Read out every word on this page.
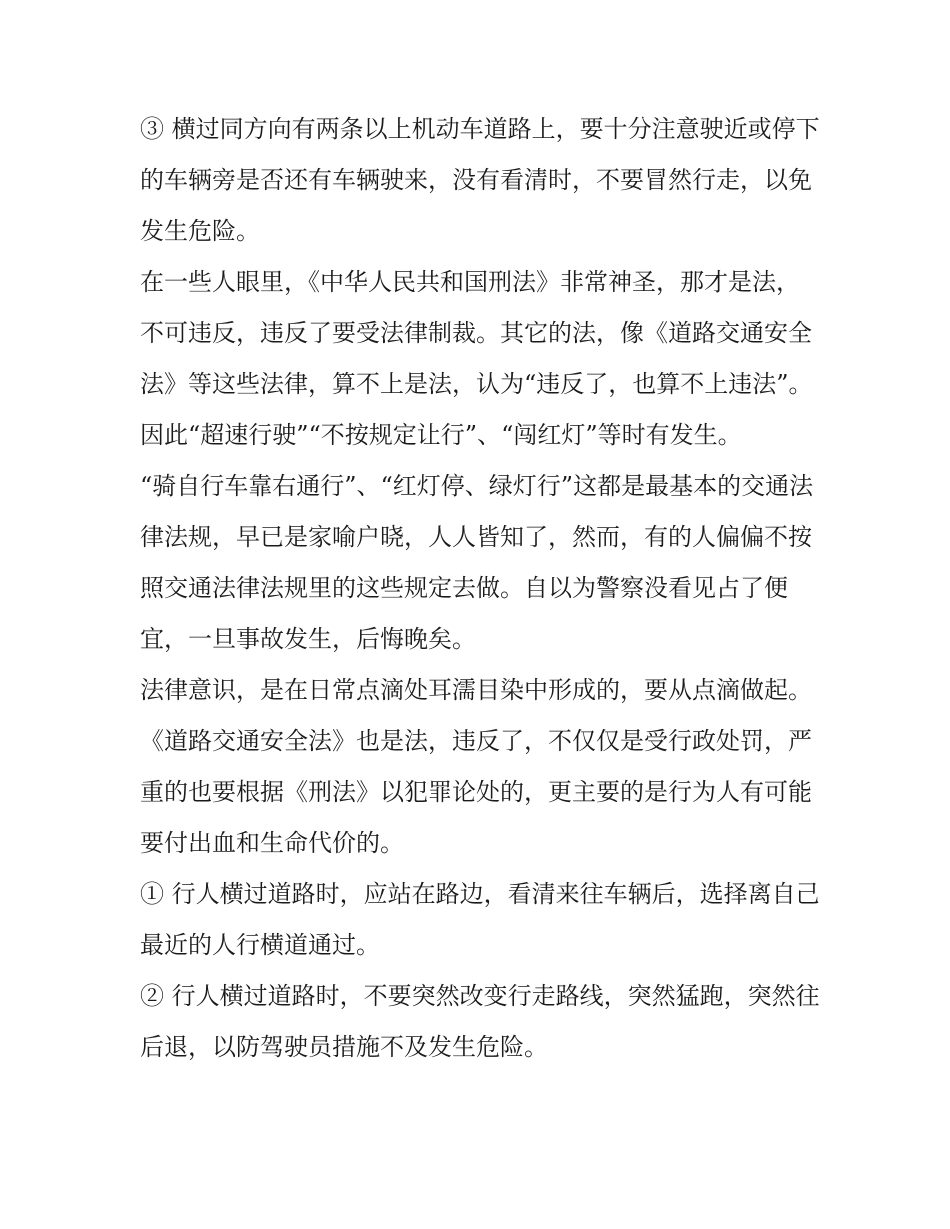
③ 横过同方向有两条以上机动车道路上，要十分注意驶近或停下的车辆旁是否还有车辆驶来，没有看清时，不要冒然行走，以免发生危险。

在一些人眼里，《中华人民共和国刑法》非常神圣，那才是法，不可违反，违反了要受法律制裁。其它的法，像《道路交通安全法》等这些法律，算不上是法，认为“违反了，也算不上违法”。因此“超速行驶”“不按规定让行”、“闯红灯”等时有发生。

“骑自行车靠右通行”、“红灯停、绿灯行”这都是最基本的交通法律法规，早已是家喻户晓，人人皆知了，然而，有的人偏偏不按照交通法律法规里的这些规定去做。自以为警察没看见占了便宜，一旦事故发生，后悔晚矣。

法律意识，是在日常点滴处耳濡目染中形成的，要从点滴做起。《道路交通安全法》也是法，违反了，不仅仅是受行政处罚，严重的也要根据《刑法》以犯罪论处的，更主要的是行为人有可能要付出血和生命代价的。

① 行人横过道路时，应站在路边，看清来往车辆后，选择离自己最近的人行横道通过。

② 行人横过道路时，不要突然改变行走路线，突然猛跑，突然往后退，以防驾驶员措施不及发生危险。
